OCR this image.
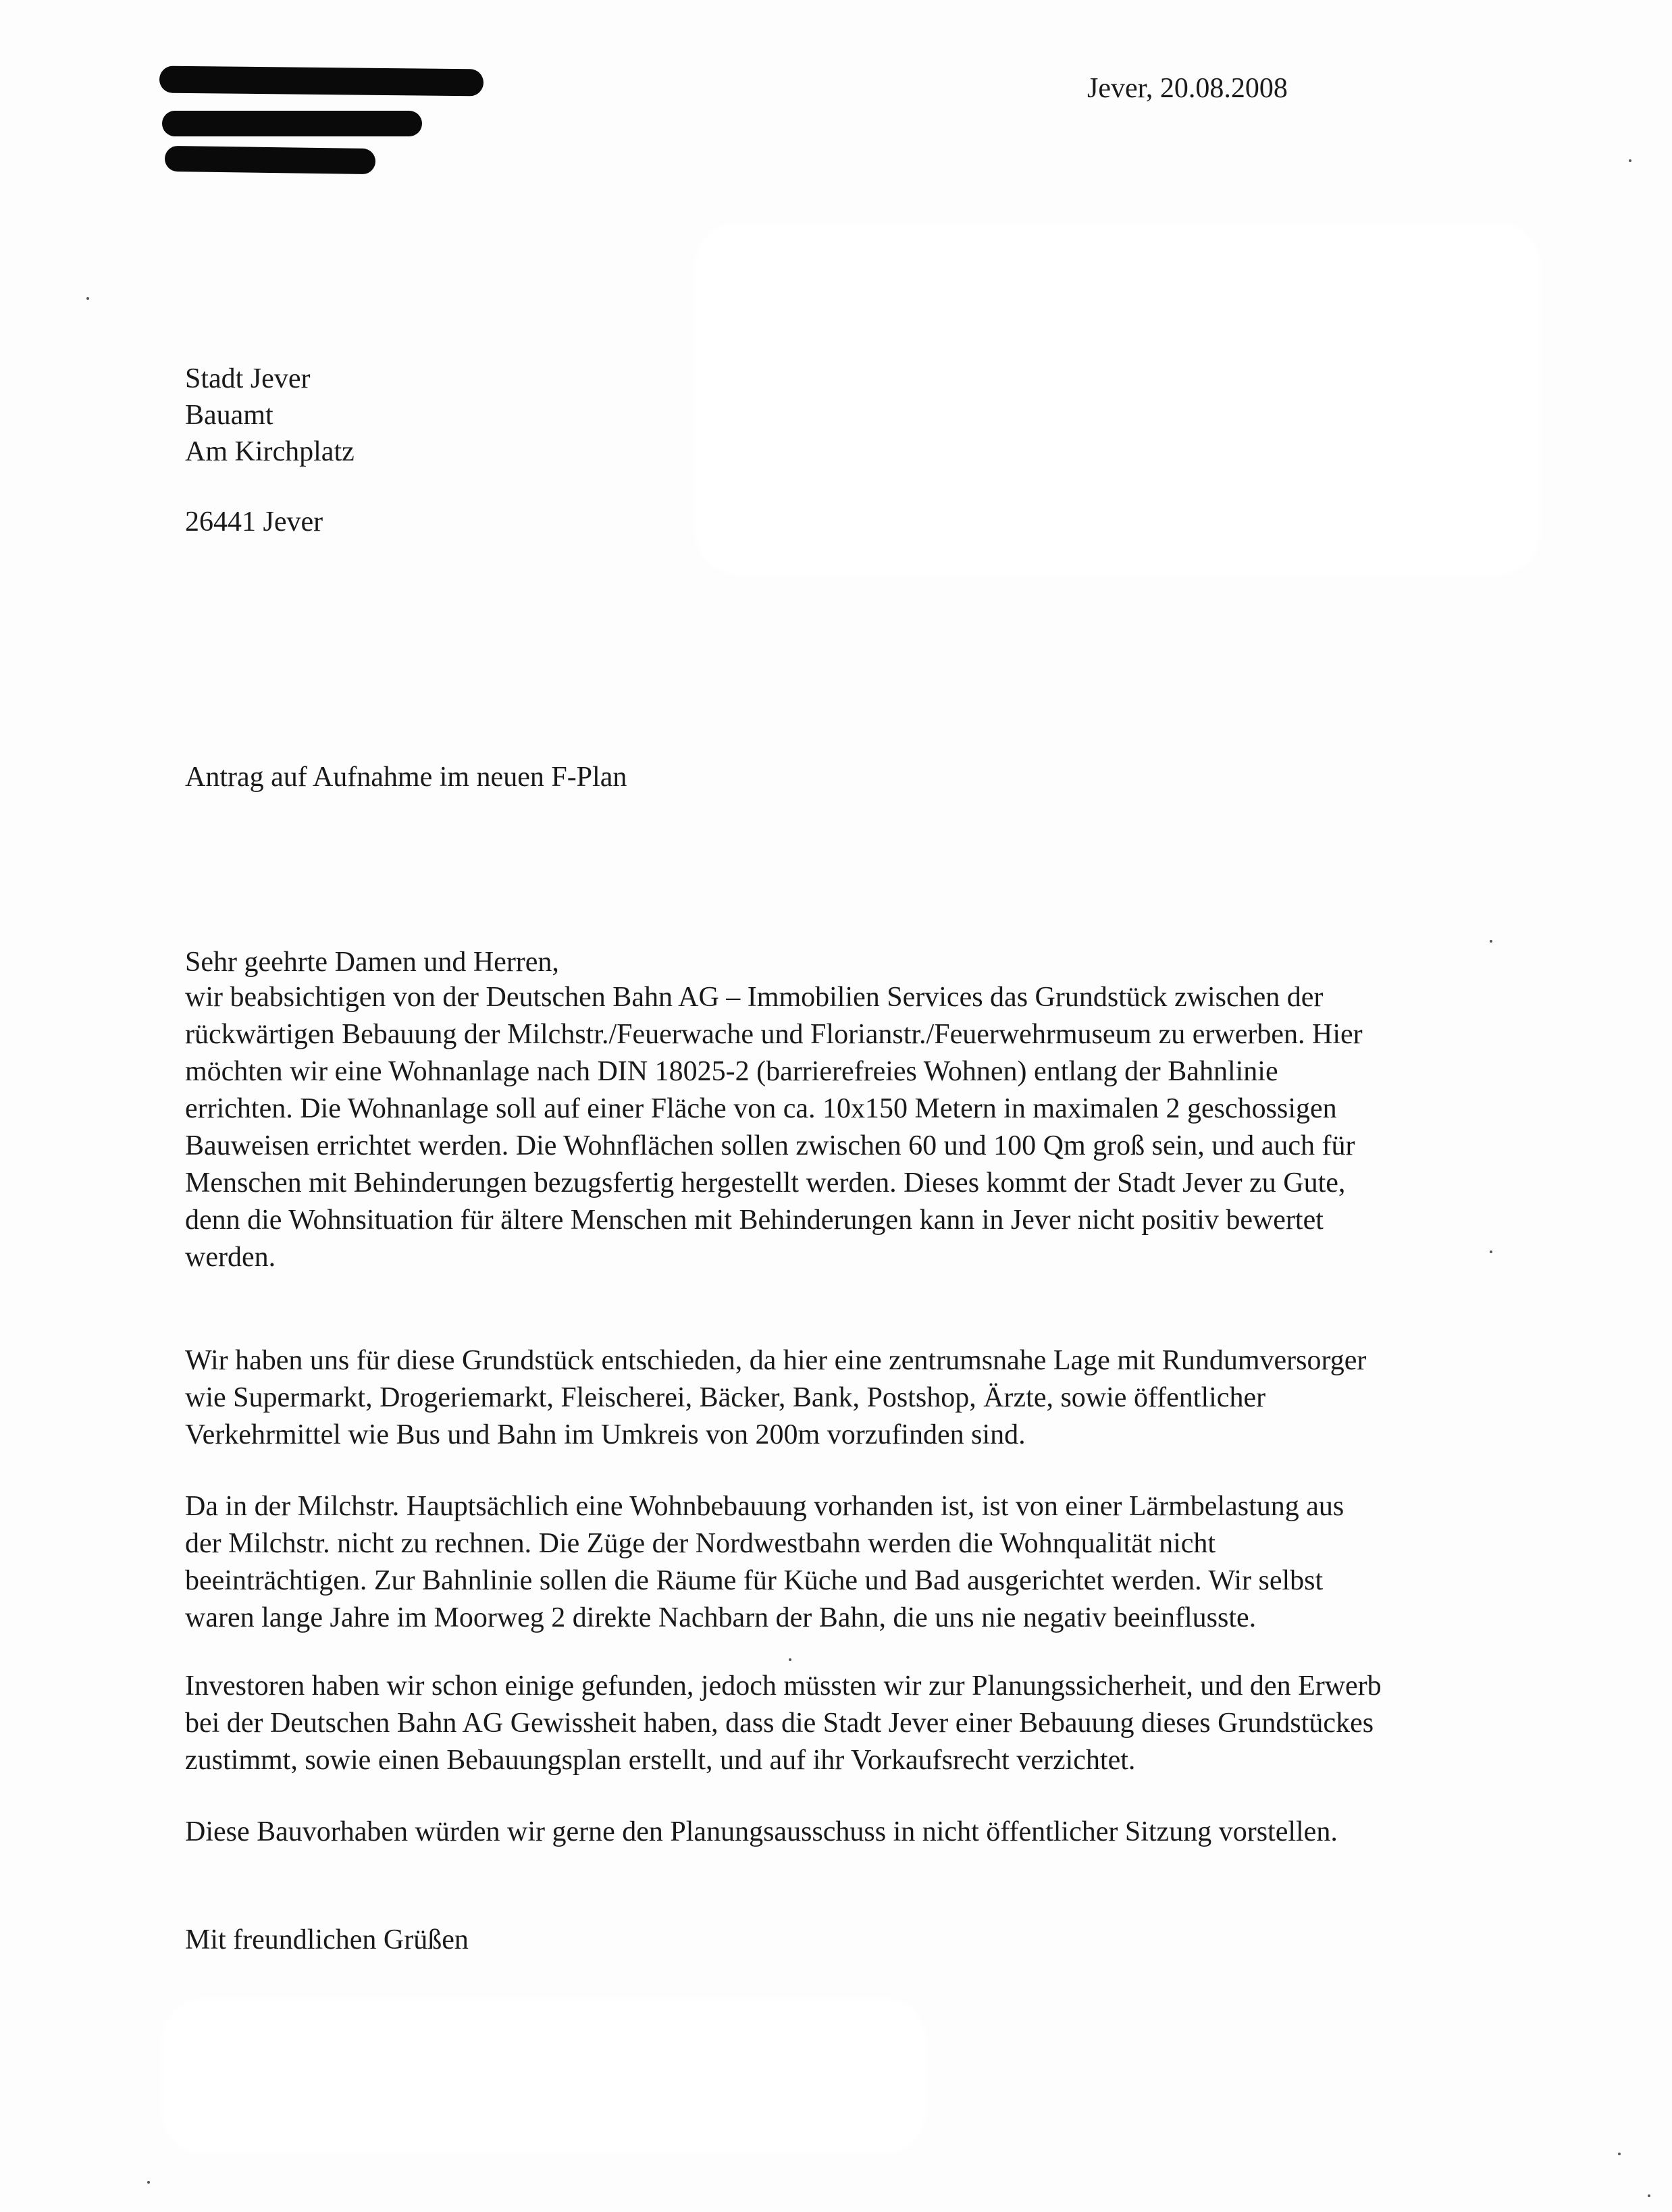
Jever, 20.08.2008
Stadt Jever
Bauamt
Am Kirchplatz
26441 Jever
Antrag auf Aufnahme im neuen F-Plan
Sehr geehrte Damen und Herren,
wir beabsichtigen von der Deutschen Bahn AG – Immobilien Services das Grundstück zwischen der
rückwärtigen Bebauung der Milchstr./Feuerwache und Florianstr./Feuerwehrmuseum zu erwerben. Hier
möchten wir eine Wohnanlage nach DIN 18025-2 (barrierefreies Wohnen) entlang der Bahnlinie
errichten. Die Wohnanlage soll auf einer Fläche von ca. 10x150 Metern in maximalen 2 geschossigen
Bauweisen errichtet werden. Die Wohnflächen sollen zwischen 60 und 100 Qm groß sein, und auch für
Menschen mit Behinderungen bezugsfertig hergestellt werden. Dieses kommt der Stadt Jever zu Gute,
denn die Wohnsituation für ältere Menschen mit Behinderungen kann in Jever nicht positiv bewertet
werden.
Wir haben uns für diese Grundstück entschieden, da hier eine zentrumsnahe Lage mit Rundumversorger
wie Supermarkt, Drogeriemarkt, Fleischerei, Bäcker, Bank, Postshop, Ärzte, sowie öffentlicher
Verkehrmittel wie Bus und Bahn im Umkreis von 200m vorzufinden sind.
Da in der Milchstr. Hauptsächlich eine Wohnbebauung vorhanden ist, ist von einer Lärmbelastung aus
der Milchstr. nicht zu rechnen. Die Züge der Nordwestbahn werden die Wohnqualität nicht
beeinträchtigen. Zur Bahnlinie sollen die Räume für Küche und Bad ausgerichtet werden. Wir selbst
waren lange Jahre im Moorweg 2 direkte Nachbarn der Bahn, die uns nie negativ beeinflusste.
Investoren haben wir schon einige gefunden, jedoch müssten wir zur Planungssicherheit, und den Erwerb
bei der Deutschen Bahn AG Gewissheit haben, dass die Stadt Jever einer Bebauung dieses Grundstückes
zustimmt, sowie einen Bebauungsplan erstellt, und auf ihr Vorkaufsrecht verzichtet.
Diese Bauvorhaben würden wir gerne den Planungsausschuss in nicht öffentlicher Sitzung vorstellen.
Mit freundlichen Grüßen
